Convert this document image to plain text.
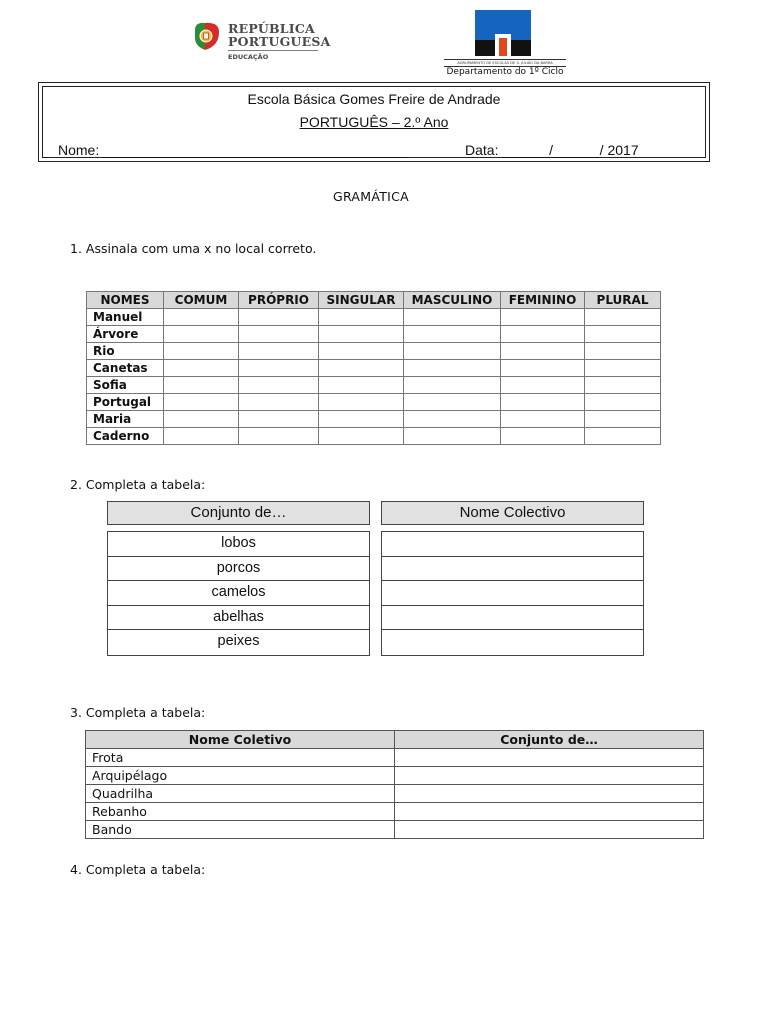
REPÚBLICA
PORTUGUESA
EDUCAÇÃO
AGRUPAMENTO DE ESCOLAS DE S. JULIÃO DA BARRA
Departamento do 1º Ciclo
Escola Básica Gomes Freire de Andrade
PORTUGUÊS – 2.º Ano
Nome: _______________________________________	Data: ______/______/ 2017
GRAMÁTICA
1. Assinala com uma x no local correto.
NOMES	COMUM	PRÓPRIO	SINGULAR	MASCULINO	FEMININO	PLURAL
Manuel						
Árvore						
Rio						
Canetas						
Sofia						
Portugal						
Maria						
Caderno						
2. Completa a tabela:
Conjunto de…	Nome Colectivo
lobos
porcos
camelos
abelhas
peixes
3. Completa a tabela:
Nome Coletivo	Conjunto de…
Frota	
Arquipélago	
Quadrilha	
Rebanho	
Bando	
4. Completa a tabela:
